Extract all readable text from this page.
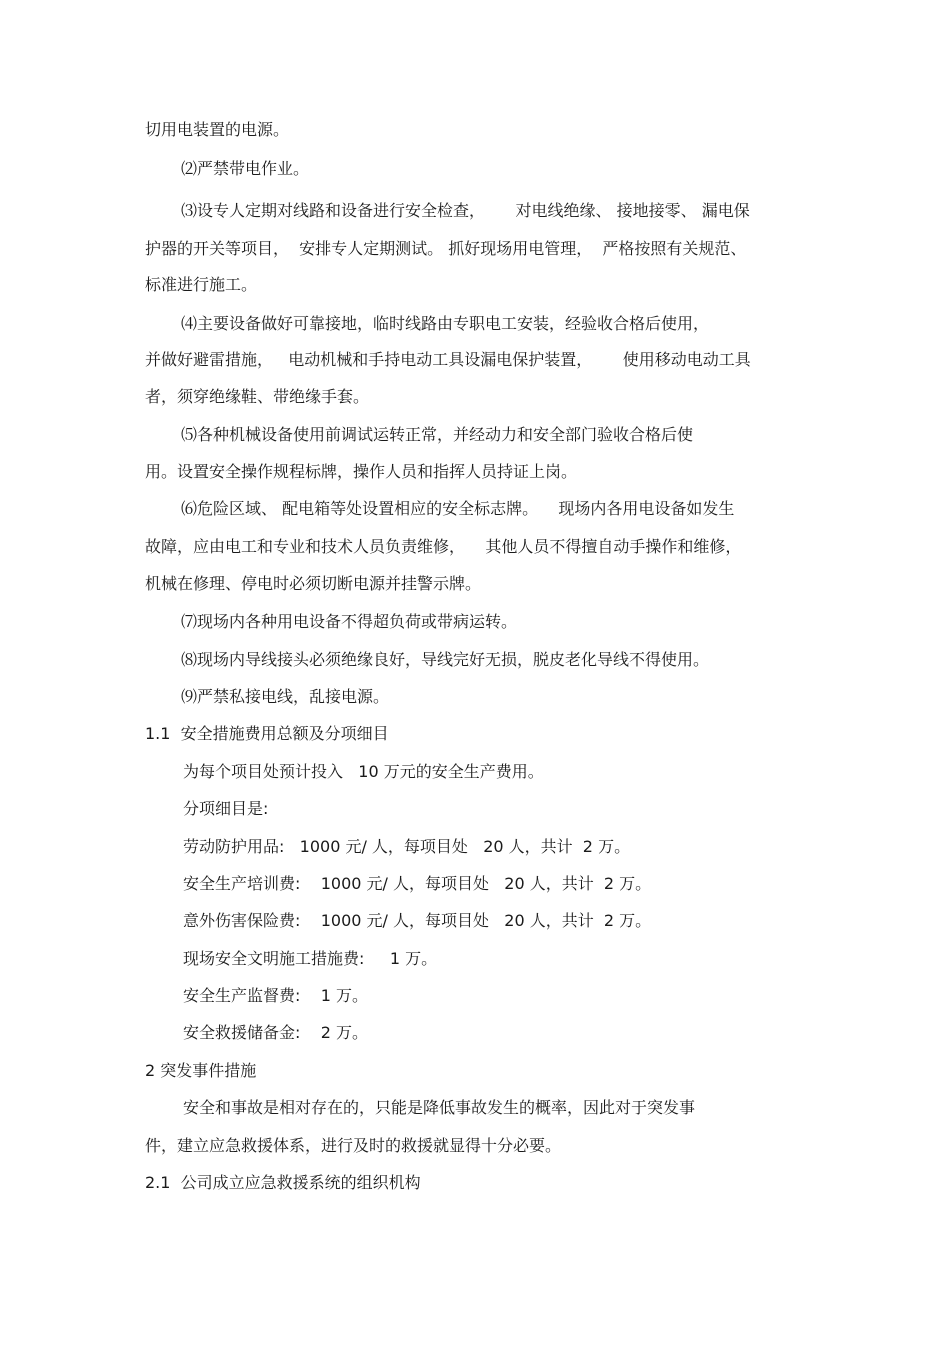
切用电装置的电源。
⑵严禁带电作业。
⑶设专人定期对线路和设备进行安全检查，      对电线绝缘、 接地接零、 漏电保
护器的开关等项目，  安排专人定期测试。 抓好现场用电管理，  严格按照有关规范、
标准进行施工。
⑷主要设备做好可靠接地，临时线路由专职电工安装，经验收合格后使用，
并做好避雷措施，   电动机械和手持电动工具设漏电保护装置，      使用移动电动工具
者，须穿绝缘鞋、带绝缘手套。
⑸各种机械设备使用前调试运转正常，并经动力和安全部门验收合格后使
用。设置安全操作规程标牌，操作人员和指挥人员持证上岗。
⑹危险区域、 配电箱等处设置相应的安全标志牌。    现场内各用电设备如发生
故障，应由电工和专业和技术人员负责维修，    其他人员不得擅自动手操作和维修，
机械在修理、停电时必须切断电源并挂警示牌。
⑺现场内各种用电设备不得超负荷或带病运转。
⑻现场内导线接头必须绝缘良好，导线完好无损，脱皮老化导线不得使用。
⑼严禁私接电线，乱接电源。
1.1  安全措施费用总额及分项细目
为每个项目处预计投入   10 万元的安全生产费用。
分项细目是:
劳动防护用品:   1000 元/ 人，每项目处   20 人，共计  2 万。
安全生产培训费:    1000 元/ 人，每项目处   20 人，共计  2 万。
意外伤害保险费:    1000 元/ 人，每项目处   20 人，共计  2 万。
现场安全文明施工措施费:     1 万。
安全生产监督费:    1 万。
安全救援储备金:    2 万。
2 突发事件措施
安全和事故是相对存在的，只能是降低事故发生的概率，因此对于突发事
件，建立应急救援体系，进行及时的救援就显得十分必要。
2.1  公司成立应急救援系统的组织机构
